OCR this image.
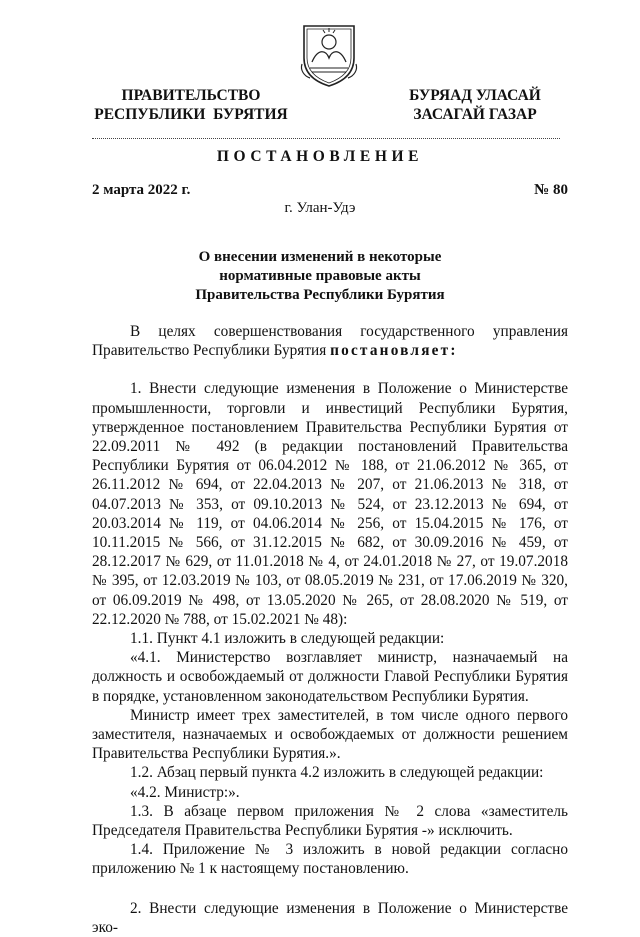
ПРАВИТЕЛЬСТВО
РЕСПУБЛИКИ  БУРЯТИЯ
БУРЯАД УЛАСАЙ
ЗАСАГАЙ ГАЗАР
ПОСТАНОВЛЕНИЕ
2 марта 2022 г.	№ 80
г. Улан-Удэ
О внесении изменений в некоторые
нормативные правовые акты
Правительства Республики Бурятия

В целях совершенствования государственного управления Правительство Республики Бурятия постановляет:

1. Внести следующие изменения в Положение о Министерстве промышленности, торговли и инвестиций Республики Бурятия, утвержденное постановлением Правительства Республики Бурятия от 22.09.2011 № 492 (в редакции постановлений Правительства Республики Бурятия от 06.04.2012 № 188, от 21.06.2012 № 365, от 26.11.2012 № 694, от 22.04.2013 № 207, от 21.06.2013 № 318, от 04.07.2013 № 353, от 09.10.2013 № 524, от 23.12.2013 № 694, от 20.03.2014 № 119, от 04.06.2014 № 256, от 15.04.2015 № 176, от 10.11.2015 № 566, от 31.12.2015 № 682, от 30.09.2016 № 459, от 28.12.2017 № 629, от 11.01.2018 № 4, от 24.01.2018 № 27, от 19.07.2018 № 395, от 12.03.2019 № 103, от 08.05.2019 № 231, от 17.06.2019 № 320, от 06.09.2019 № 498, от 13.05.2020 № 265, от 28.08.2020 № 519, от 22.12.2020 № 788, от 15.02.2021 № 48):

1.1. Пункт 4.1 изложить в следующей редакции:

«4.1. Министерство возглавляет министр, назначаемый на должность и освобождаемый от должности Главой Республики Бурятия в порядке, установленном законодательством Республики Бурятия.

Министр имеет трех заместителей, в том числе одного первого заместителя, назначаемых и освобождаемых от должности решением Правительства Республики Бурятия.».

1.2. Абзац первый пункта 4.2 изложить в следующей редакции:

«4.2. Министр:».

1.3. В абзаце первом приложения № 2 слова «заместитель Председателя Правительства Республики Бурятия -» исключить.

1.4. Приложение № 3 изложить в новой редакции согласно приложению № 1 к настоящему постановлению.

2. Внести следующие изменения в Положение о Министерстве эко-
